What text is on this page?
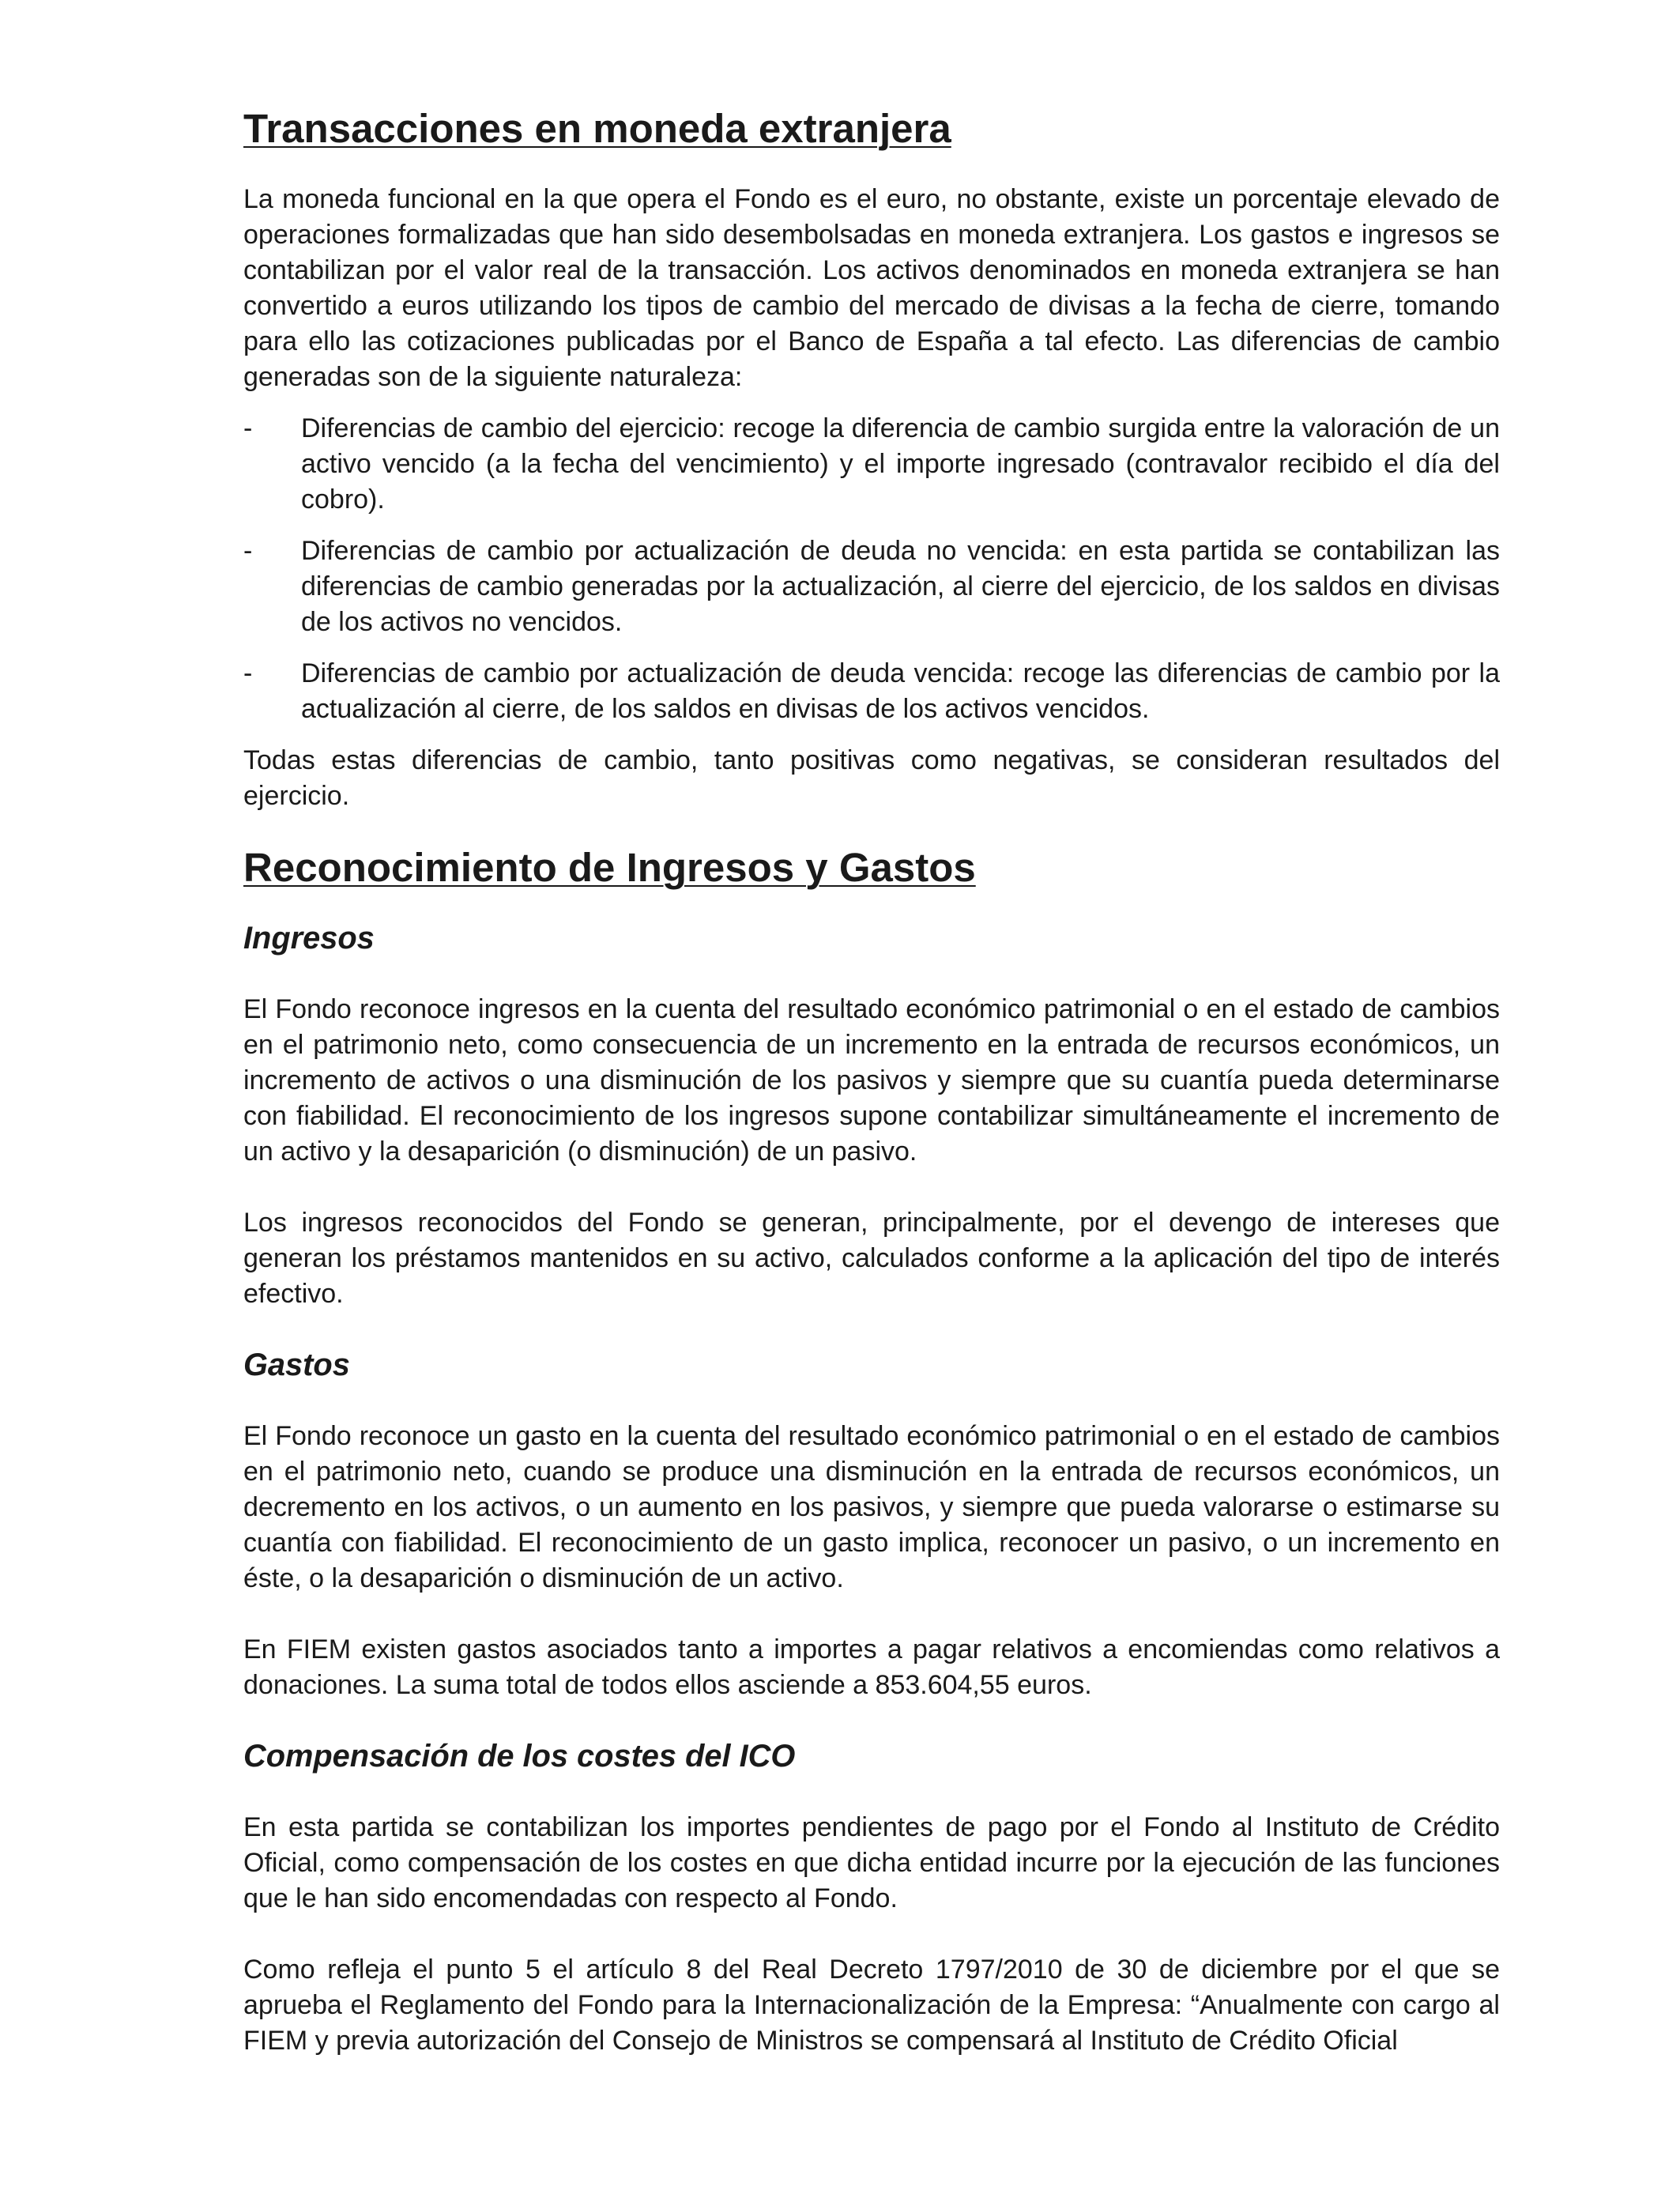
Transacciones en moneda extranjera

La moneda funcional en la que opera el Fondo es el euro, no obstante, existe un porcentaje elevado de operaciones formalizadas que han sido desembolsadas en moneda extranjera. Los gastos e ingresos se contabilizan por el valor real de la transacción. Los activos denominados en moneda extranjera se han convertido a euros utilizando los tipos de cambio del mercado de divisas a la fecha de cierre, tomando para ello las cotizaciones publicadas por el Banco de España a tal efecto. Las diferencias de cambio generadas son de la siguiente naturaleza:

- Diferencias de cambio del ejercicio: recoge la diferencia de cambio surgida entre la valoración de un activo vencido (a la fecha del vencimiento) y el importe ingresado (contravalor recibido el día del cobro).
- Diferencias de cambio por actualización de deuda no vencida: en esta partida se contabilizan las diferencias de cambio generadas por la actualización, al cierre del ejercicio, de los saldos en divisas de los activos no vencidos.
- Diferencias de cambio por actualización de deuda vencida: recoge las diferencias de cambio por la actualización al cierre, de los saldos en divisas de los activos vencidos.

Todas estas diferencias de cambio, tanto positivas como negativas, se consideran resultados del ejercicio.

Reconocimiento de Ingresos y Gastos
Ingresos

El Fondo reconoce ingresos en la cuenta del resultado económico patrimonial o en el estado de cambios en el patrimonio neto, como consecuencia de un incremento en la entrada de recursos económicos, un incremento de activos o una disminución de los pasivos y siempre que su cuantía pueda determinarse con fiabilidad. El reconocimiento de los ingresos supone contabilizar simultáneamente el incremento de un activo y la desaparición (o disminución) de un pasivo.

Los ingresos reconocidos del Fondo se generan, principalmente, por el devengo de intereses que generan los préstamos mantenidos en su activo, calculados conforme a la aplicación del tipo de interés efectivo.

Gastos

El Fondo reconoce un gasto en la cuenta del resultado económico patrimonial o en el estado de cambios en el patrimonio neto, cuando se produce una disminución en la entrada de recursos económicos, un decremento en los activos, o un aumento en los pasivos, y siempre que pueda valorarse o estimarse su cuantía con fiabilidad. El reconocimiento de un gasto implica, reconocer un pasivo, o un incremento en éste, o la desaparición o disminución de un activo.

En FIEM existen gastos asociados tanto a importes a pagar relativos a encomiendas como relativos a donaciones. La suma total de todos ellos asciende a 853.604,55 euros.

Compensación de los costes del ICO

En esta partida se contabilizan los importes pendientes de pago por el Fondo al Instituto de Crédito Oficial, como compensación de los costes en que dicha entidad incurre por la ejecución de las funciones que le han sido encomendadas con respecto al Fondo.

Como refleja el punto 5 el artículo 8 del Real Decreto 1797/2010 de 30 de diciembre por el que se aprueba el Reglamento del Fondo para la Internacionalización de la Empresa: “Anualmente con cargo al FIEM y previa autorización del Consejo de Ministros se compensará al Instituto de Crédito Oficial
